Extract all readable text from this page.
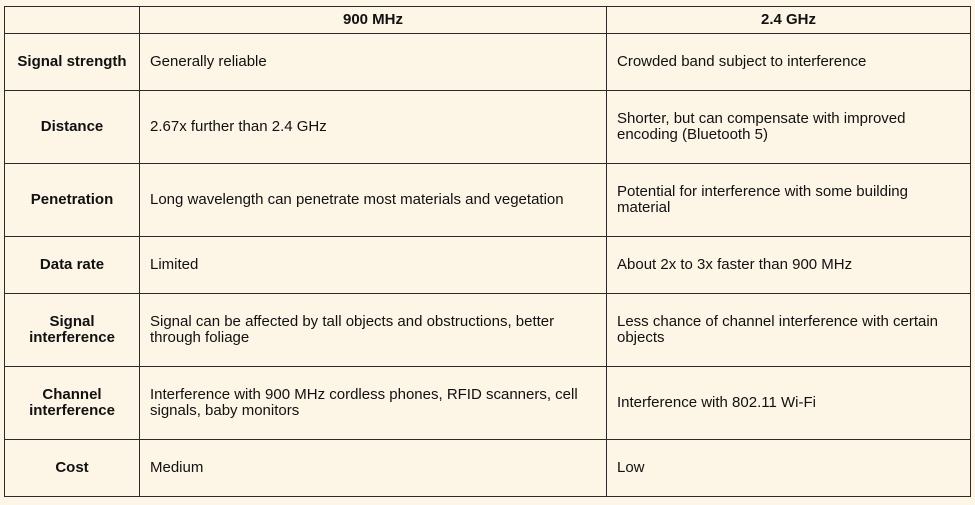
	900 MHz	2.4 GHz
Signal strength	Generally reliable	Crowded band subject to interference
Distance	2.67x further than 2.4 GHz	Shorter, but can compensate with improved encoding (Bluetooth 5)
Penetration	Long wavelength can penetrate most materials and vegetation	Potential for interference with some building material
Data rate	Limited	About 2x to 3x faster than 900 MHz
Signal interference	Signal can be affected by tall objects and obstructions, better through foliage	Less chance of channel interference with certain objects
Channel interference	Interference with 900 MHz cordless phones, RFID scanners, cell signals, baby monitors	Interference with 802.11 Wi-Fi
Cost	Medium	Low
